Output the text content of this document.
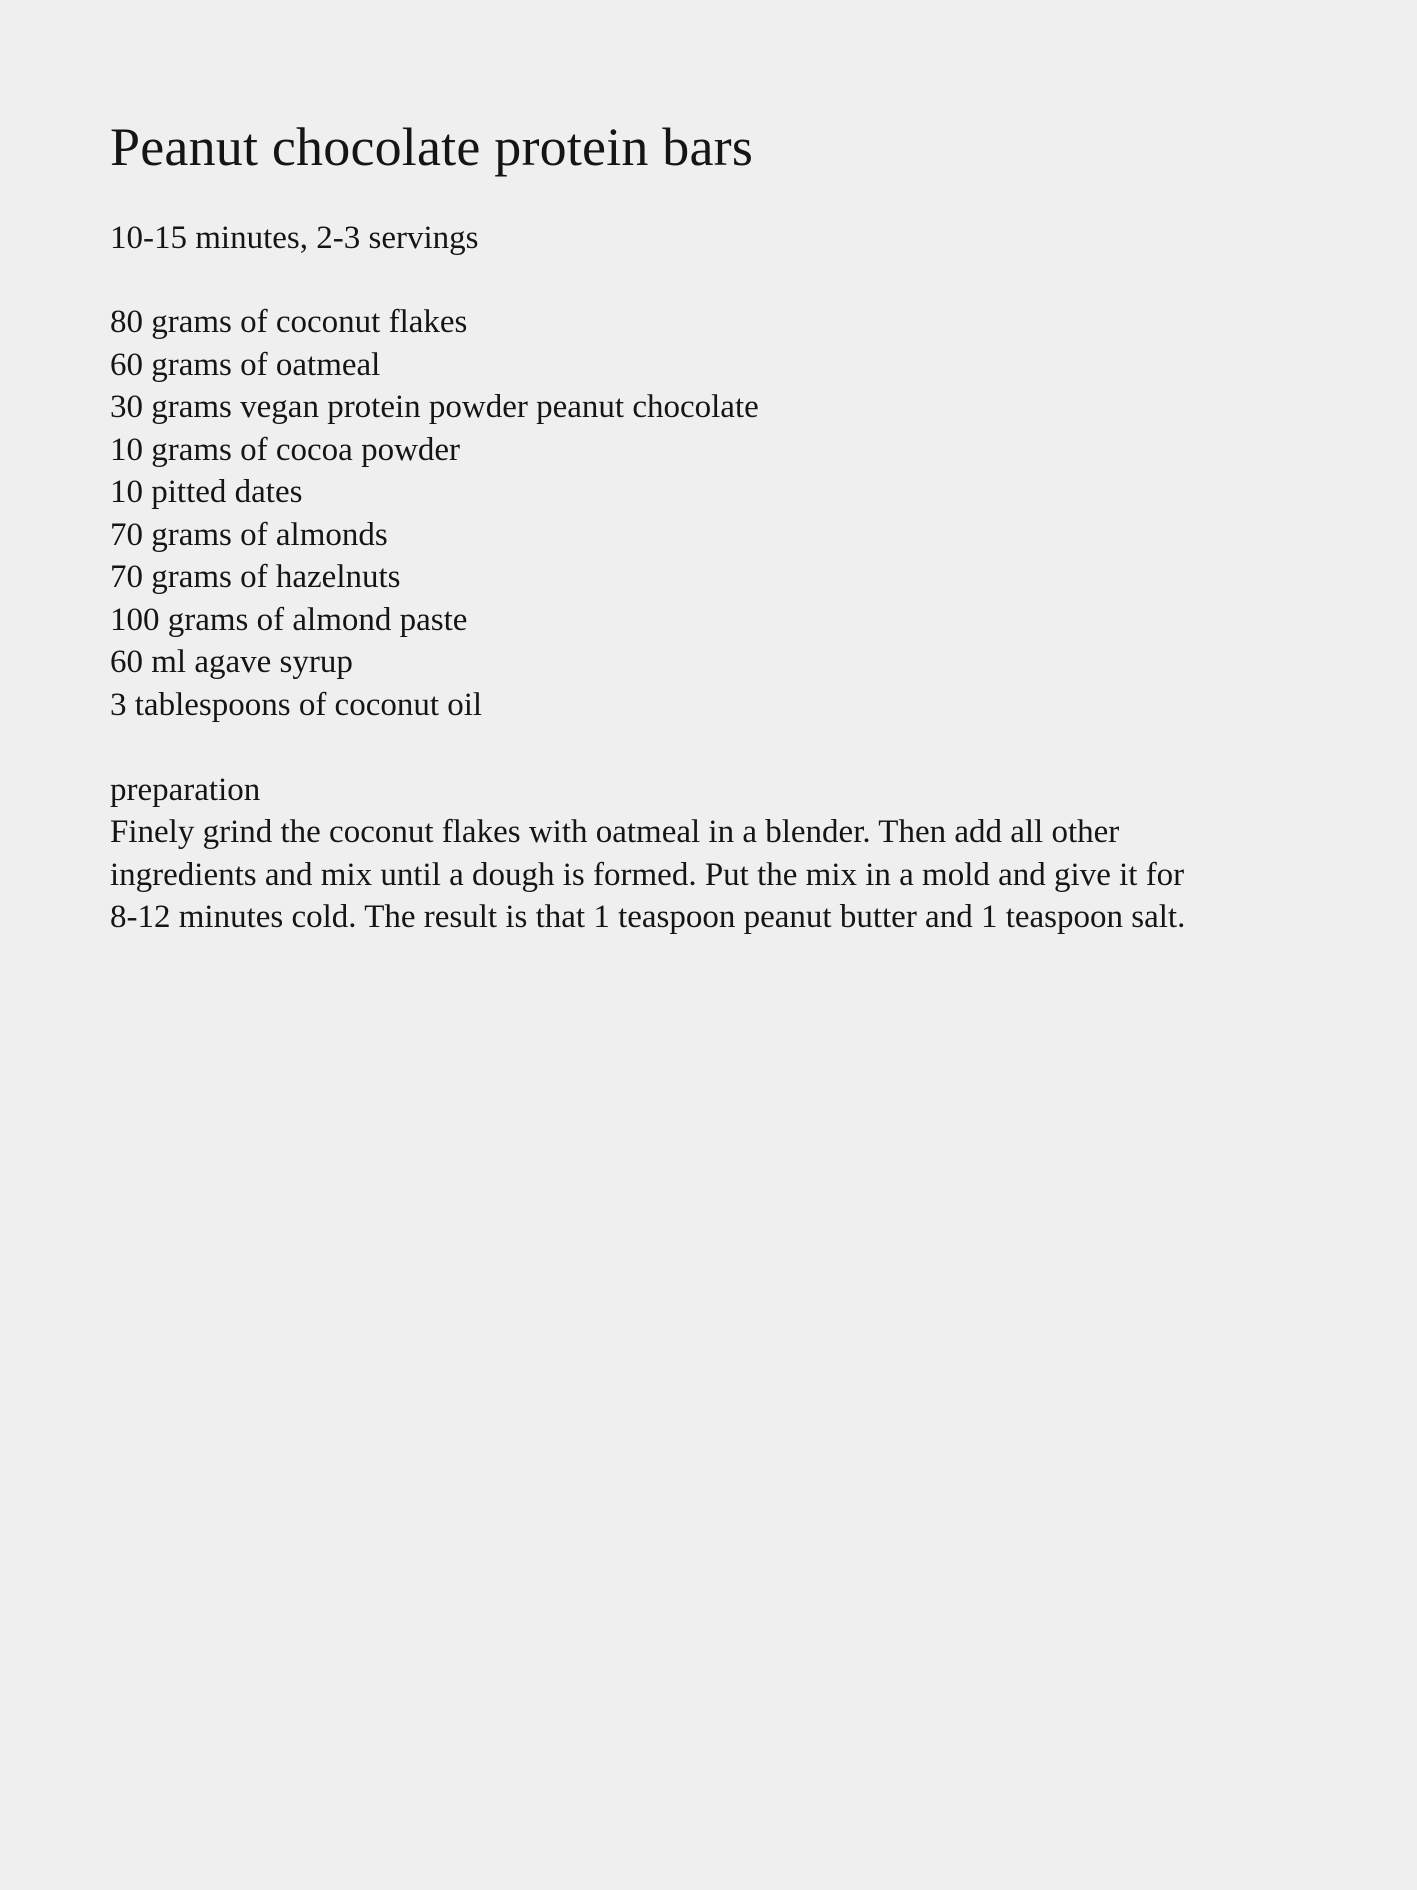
Peanut chocolate protein bars

10-15 minutes, 2-3 servings

80 grams of coconut flakes
60 grams of oatmeal
30 grams vegan protein powder peanut chocolate
10 grams of cocoa powder
10 pitted dates
70 grams of almonds
70 grams of hazelnuts
100 grams of almond paste
60 ml agave syrup
3 tablespoons of coconut oil
preparation
Finely grind the coconut flakes with oatmeal in a blender. Then add all other
ingredients and mix until a dough is formed. Put the mix in a mold and give it for
8-12 minutes cold. The result is that 1 teaspoon peanut butter and 1 teaspoon salt.
